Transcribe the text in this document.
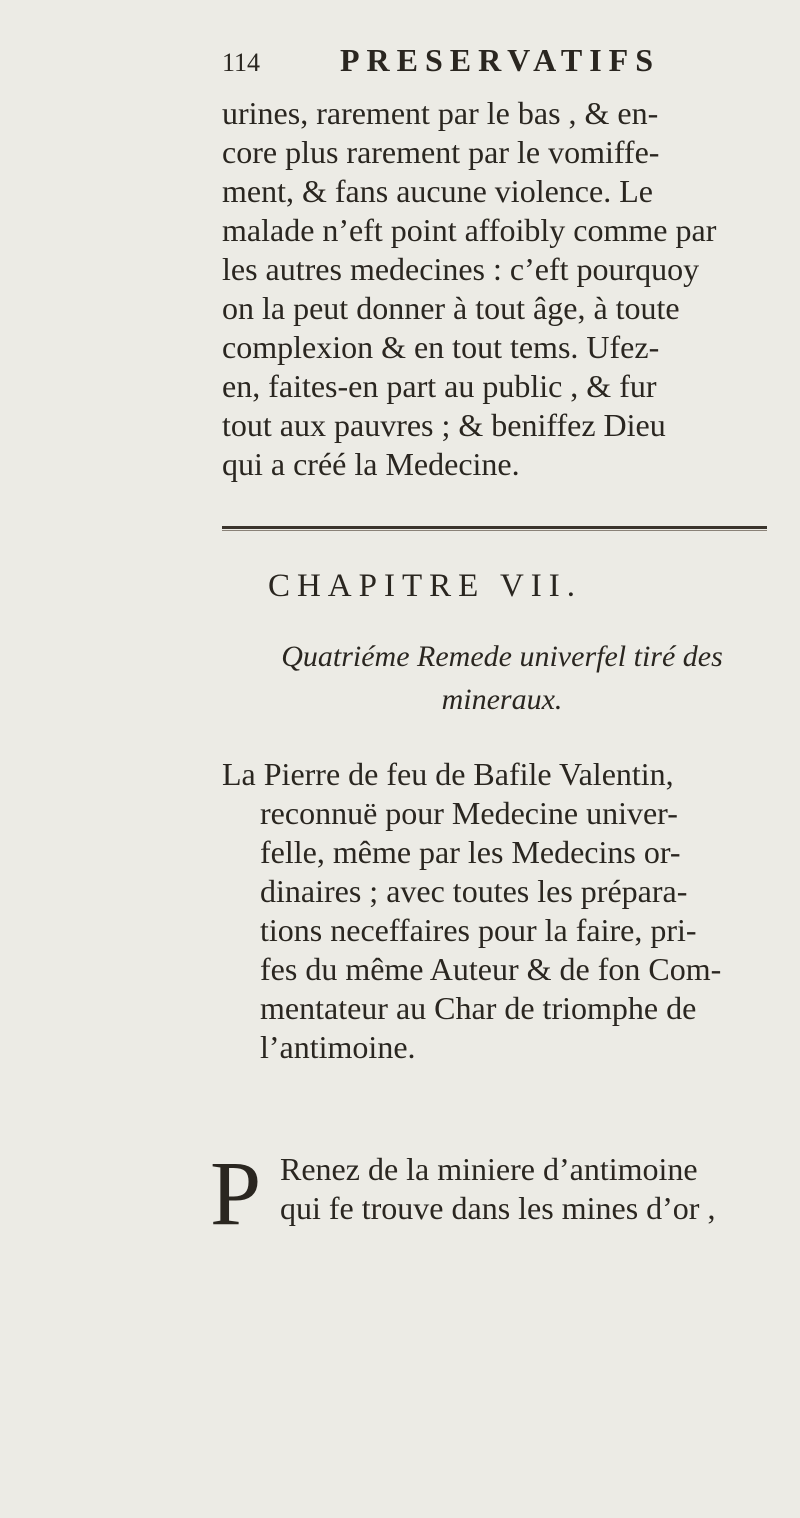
114 PRESERVATIFS
urines, rarement par le bas , & en-
core plus rarement par le vomiffe-
ment, & fans aucune violence. Le
malade n’eft point affoibly comme par
les autres medecines : c’eft pourquoy
on la peut donner à tout âge, à toute
complexion & en tout tems. Ufez-
en, faites-en part au public , & fur
tout aux pauvres ; & beniffez Dieu
qui a créé la Medecine.
CHAPITRE VII.
Quatriéme Remede univerfel tiré des
mineraux.
La Pierre de feu de Bafile Valentin,
reconnuë pour Medecine univer-
felle, même par les Medecins or-
dinaires ; avec toutes les prépara-
tions neceffaires pour la faire, pri-
fes du même Auteur & de fon Com-
mentateur au Char de triomphe de
l’antimoine.
P Renez de la miniere d’antimoine
qui fe trouve dans les mines d’or ,
